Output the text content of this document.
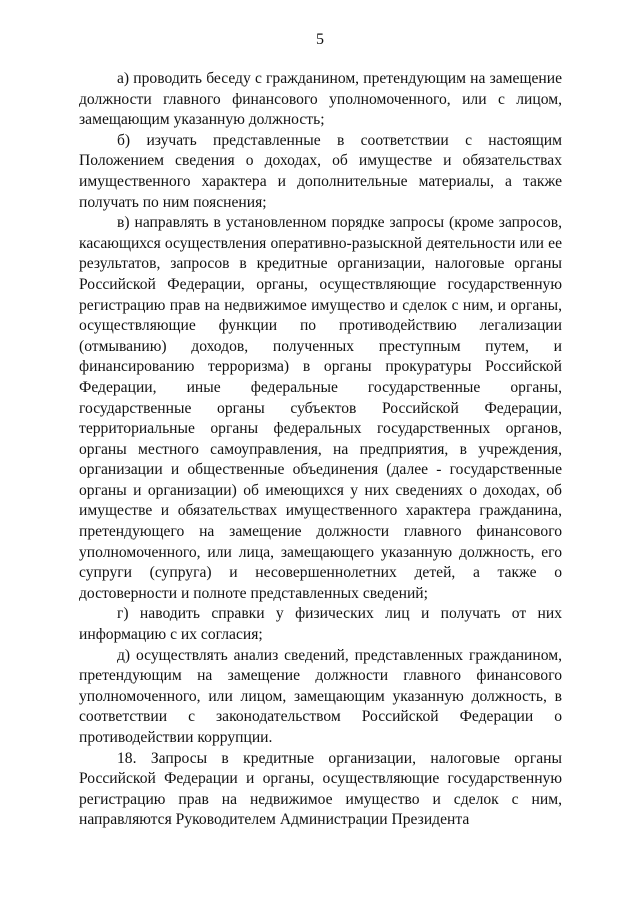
5

а) проводить беседу с гражданином, претендующим на замещение должности главного финансового уполномоченного, или с лицом, замещающим указанную должность;

б) изучать представленные в соответствии с настоящим Положением сведения о доходах, об имуществе и обязательствах имущественного характера и дополнительные материалы, а также получать по ним пояснения;

в) направлять в установленном порядке запросы (кроме запросов, касающихся осуществления оперативно-разыскной деятельности или ее результатов, запросов в кредитные организации, налоговые органы Российской Федерации, органы, осуществляющие государственную регистрацию прав на недвижимое имущество и сделок с ним, и органы, осуществляющие функции по противодействию легализации (отмыванию) доходов, полученных преступным путем, и финансированию терроризма) в органы прокуратуры Российской Федерации, иные федеральные государственные органы, государственные органы субъектов Российской Федерации, территориальные органы федеральных государственных органов, органы местного самоуправления, на предприятия, в учреждения, организации и общественные объединения (далее - государственные органы и организации) об имеющихся у них сведениях о доходах, об имуществе и обязательствах имущественного характера гражданина, претендующего на замещение должности главного финансового уполномоченного, или лица, замещающего указанную должность, его супруги (супруга) и несовершеннолетних детей, а также о достоверности и полноте представленных сведений;

г) наводить справки у физических лиц и получать от них информацию с их согласия;

д) осуществлять анализ сведений, представленных гражданином, претендующим на замещение должности главного финансового уполномоченного, или лицом, замещающим указанную должность, в соответствии с законодательством Российской Федерации о противодействии коррупции.

18. Запросы в кредитные организации, налоговые органы Российской Федерации и органы, осуществляющие государственную регистрацию прав на недвижимое имущество и сделок с ним, направляются Руководителем Администрации Президента
